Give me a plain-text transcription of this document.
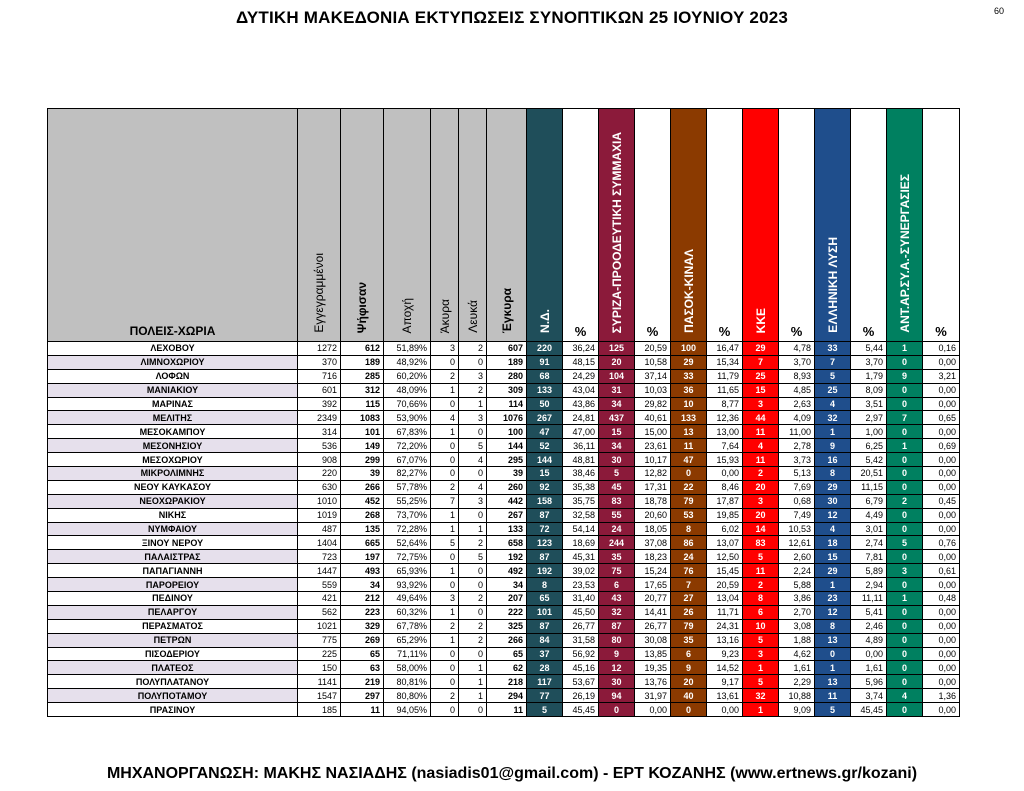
ΔΥΤΙΚΗ ΜΑΚΕΔΟΝΙΑ ΕΚΤΥΠΩΣΕΙΣ ΣΥΝΟΠΤΙΚΩΝ 25 ΙΟΥΝΙΟΥ 2023	60
ΠΟΛΕΙΣ-ΧΩΡΙΑ	Εγγεγραμμένοι	Ψήφισαν	Αποχή	Άκυρα	Λευκά	Έγκυρα	Ν.Δ.	%	ΣΥΡΙΖΑ-ΠΡΟΟΔΕΥΤΙΚΗ ΣΥΜΜΑΧΙΑ	%	ΠΑΣΟΚ-ΚΙΝΑΛ	%	ΚΚΕ	%	ΕΛΛΗΝΙΚΗ ΛΥΣΗ	%	ΑΝΤ.ΑΡ.ΣΥ.Α.-ΣΥΝΕΡΓΑΣΙΕΣ	%
ΛΕΧΟΒΟΥ	1272	612	51,89%	3	2	607	220	36,24	125	20,59	100	16,47	29	4,78	33	5,44	1	0,16
ΛΙΜΝΟΧΩΡΙΟΥ	370	189	48,92%	0	0	189	91	48,15	20	10,58	29	15,34	7	3,70	7	3,70	0	0,00
ΛΟΦΩΝ	716	285	60,20%	2	3	280	68	24,29	104	37,14	33	11,79	25	8,93	5	1,79	9	3,21
ΜΑΝΙΑΚΙΟΥ	601	312	48,09%	1	2	309	133	43,04	31	10,03	36	11,65	15	4,85	25	8,09	0	0,00
ΜΑΡΙΝΑΣ	392	115	70,66%	0	1	114	50	43,86	34	29,82	10	8,77	3	2,63	4	3,51	0	0,00
ΜΕΛΙΤΗΣ	2349	1083	53,90%	4	3	1076	267	24,81	437	40,61	133	12,36	44	4,09	32	2,97	7	0,65
ΜΕΣΟΚΑΜΠΟΥ	314	101	67,83%	1	0	100	47	47,00	15	15,00	13	13,00	11	11,00	1	1,00	0	0,00
ΜΕΣΟΝΗΣΙΟΥ	536	149	72,20%	0	5	144	52	36,11	34	23,61	11	7,64	4	2,78	9	6,25	1	0,69
ΜΕΣΟΧΩΡΙΟΥ	908	299	67,07%	0	4	295	144	48,81	30	10,17	47	15,93	11	3,73	16	5,42	0	0,00
ΜΙΚΡΟΛΙΜΝΗΣ	220	39	82,27%	0	0	39	15	38,46	5	12,82	0	0,00	2	5,13	8	20,51	0	0,00
ΝΕΟΥ ΚΑΥΚΑΣΟΥ	630	266	57,78%	2	4	260	92	35,38	45	17,31	22	8,46	20	7,69	29	11,15	0	0,00
ΝΕΟΧΩΡΑΚΙΟΥ	1010	452	55,25%	7	3	442	158	35,75	83	18,78	79	17,87	3	0,68	30	6,79	2	0,45
ΝΙΚΗΣ	1019	268	73,70%	1	0	267	87	32,58	55	20,60	53	19,85	20	7,49	12	4,49	0	0,00
ΝΥΜΦΑΙΟΥ	487	135	72,28%	1	1	133	72	54,14	24	18,05	8	6,02	14	10,53	4	3,01	0	0,00
ΞΙΝΟΥ ΝΕΡΟΥ	1404	665	52,64%	5	2	658	123	18,69	244	37,08	86	13,07	83	12,61	18	2,74	5	0,76
ΠΑΛΑΙΣΤΡΑΣ	723	197	72,75%	0	5	192	87	45,31	35	18,23	24	12,50	5	2,60	15	7,81	0	0,00
ΠΑΠΑΓΙΑΝΝΗ	1447	493	65,93%	1	0	492	192	39,02	75	15,24	76	15,45	11	2,24	29	5,89	3	0,61
ΠΑΡΟΡΕΙΟΥ	559	34	93,92%	0	0	34	8	23,53	6	17,65	7	20,59	2	5,88	1	2,94	0	0,00
ΠΕΔΙΝΟΥ	421	212	49,64%	3	2	207	65	31,40	43	20,77	27	13,04	8	3,86	23	11,11	1	0,48
ΠΕΛΑΡΓΟΥ	562	223	60,32%	1	0	222	101	45,50	32	14,41	26	11,71	6	2,70	12	5,41	0	0,00
ΠΕΡΑΣΜΑΤΟΣ	1021	329	67,78%	2	2	325	87	26,77	87	26,77	79	24,31	10	3,08	8	2,46	0	0,00
ΠΕΤΡΩΝ	775	269	65,29%	1	2	266	84	31,58	80	30,08	35	13,16	5	1,88	13	4,89	0	0,00
ΠΙΣΟΔΕΡΙΟΥ	225	65	71,11%	0	0	65	37	56,92	9	13,85	6	9,23	3	4,62	0	0,00	0	0,00
ΠΛΑΤΕΟΣ	150	63	58,00%	0	1	62	28	45,16	12	19,35	9	14,52	1	1,61	1	1,61	0	0,00
ΠΟΛΥΠΛΑΤΑΝΟΥ	1141	219	80,81%	0	1	218	117	53,67	30	13,76	20	9,17	5	2,29	13	5,96	0	0,00
ΠΟΛΥΠΟΤΑΜΟΥ	1547	297	80,80%	2	1	294	77	26,19	94	31,97	40	13,61	32	10,88	11	3,74	4	1,36
ΠΡΑΣΙΝΟΥ	185	11	94,05%	0	0	11	5	45,45	0	0,00	0	0,00	1	9,09	5	45,45	0	0,00
ΜΗΧΑΝΟΡΓΑΝΩΣΗ: ΜΑΚΗΣ ΝΑΣΙΑΔΗΣ (nasiadis01@gmail.com) - ΕΡΤ ΚΟΖΑΝΗΣ (www.ertnews.gr/kozani)
